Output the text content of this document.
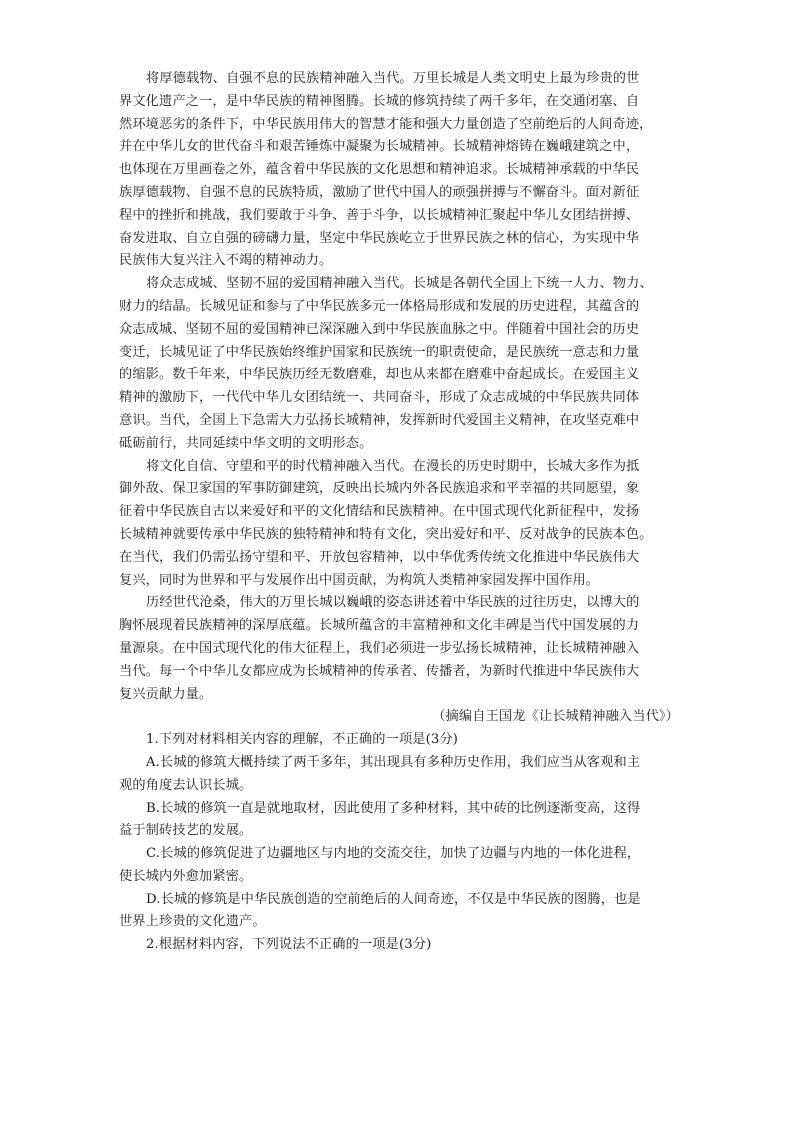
将厚德载物、自强不息的民族精神融入当代。万里长城是人类文明史上最为珍贵的世
界文化遗产之一，是中华民族的精神图腾。长城的修筑持续了两千多年，在交通闭塞、自
然环境恶劣的条件下，中华民族用伟大的智慧才能和强大力量创造了空前绝后的人间奇迹，
并在中华儿女的世代奋斗和艰苦锤炼中凝聚为长城精神。长城精神熔铸在巍峨建筑之中，
也体现在万里画卷之外，蕴含着中华民族的文化思想和精神追求。长城精神承载的中华民
族厚德载物、自强不息的民族特质，激励了世代中国人的顽强拼搏与不懈奋斗。面对新征
程中的挫折和挑战，我们要敢于斗争、善于斗争，以长城精神汇聚起中华儿女团结拼搏、
奋发进取、自立自强的磅礴力量，坚定中华民族屹立于世界民族之林的信心，为实现中华
民族伟大复兴注入不竭的精神动力。
将众志成城、坚韧不屈的爱国精神融入当代。长城是各朝代全国上下统一人力、物力、
财力的结晶。长城见证和参与了中华民族多元一体格局形成和发展的历史进程，其蕴含的
众志成城、坚韧不屈的爱国精神已深深融入到中华民族血脉之中。伴随着中国社会的历史
变迁，长城见证了中华民族始终维护国家和民族统一的职责使命，是民族统一意志和力量
的缩影。数千年来，中华民族历经无数磨难，却也从来都在磨难中奋起成长。在爱国主义
精神的激励下，一代代中华儿女团结统一、共同奋斗，形成了众志成城的中华民族共同体
意识。当代，全国上下急需大力弘扬长城精神，发挥新时代爱国主义精神，在攻坚克难中
砥砺前行，共同延续中华文明的文明形态。
将文化自信、守望和平的时代精神融入当代。在漫长的历史时期中，长城大多作为抵
御外敌、保卫家国的军事防御建筑，反映出长城内外各民族追求和平幸福的共同愿望，象
征着中华民族自古以来爱好和平的文化情结和民族精神。在中国式现代化新征程中，发扬
长城精神就要传承中华民族的独特精神和特有文化，突出爱好和平、反对战争的民族本色。
在当代，我们仍需弘扬守望和平、开放包容精神，以中华优秀传统文化推进中华民族伟大
复兴，同时为世界和平与发展作出中国贡献，为构筑人类精神家园发挥中国作用。
历经世代沧桑，伟大的万里长城以巍峨的姿态讲述着中华民族的过往历史，以博大的
胸怀展现着民族精神的深厚底蕴。长城所蕴含的丰富精神和文化丰碑是当代中国发展的力
量源泉。在中国式现代化的伟大征程上，我们必须进一步弘扬长城精神，让长城精神融入
当代。每一个中华儿女都应成为长城精神的传承者、传播者，为新时代推进中华民族伟大
复兴贡献力量。
（摘编自王国龙《让长城精神融入当代》）
1.下列对材料相关内容的理解，不正确的一项是(3分)
A.长城的修筑大概持续了两千多年，其出现具有多种历史作用，我们应当从客观和主
观的角度去认识长城。
B.长城的修筑一直是就地取材，因此使用了多种材料，其中砖的比例逐渐变高，这得
益于制砖技艺的发展。
C.长城的修筑促进了边疆地区与内地的交流交往，加快了边疆与内地的一体化进程，
使长城内外愈加紧密。
D.长城的修筑是中华民族创造的空前绝后的人间奇迹，不仅是中华民族的图腾，也是
世界上珍贵的文化遗产。
2.根据材料内容，下列说法不正确的一项是(3分)
